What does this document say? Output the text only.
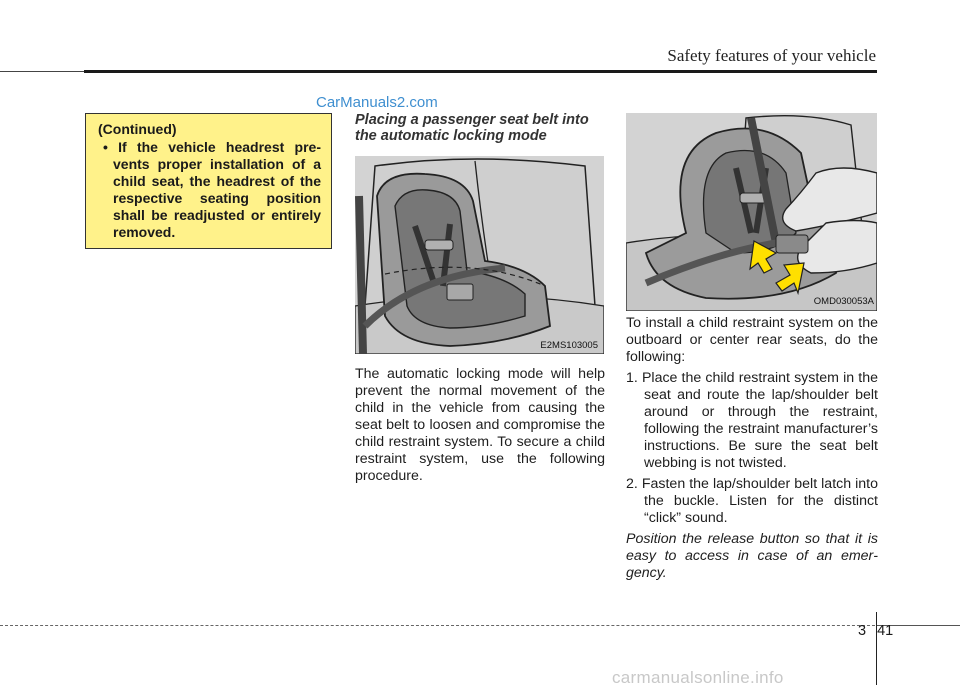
Safety features of your vehicle
CarManuals2.com

(Continued)

• If the vehicle headrest prevents proper installation of a child seat, the headrest of the respective seating position shall be readjusted or entirely removed.

Placing a passenger seat belt into the automatic locking mode
E2MS103005
The automatic locking mode will help prevent the normal movement of the child in the vehicle from causing the seat belt to loosen and compromise the child restraint system. To secure a child restraint system, use the following procedure.
OMD030053A

To install a child restraint system on the outboard or center rear seats, do the following:

1. Place the child restraint system in the seat and route the lap/shoulder belt around or through the restraint, following the restraint manufacturer’s instructions. Be sure the seat belt webbing is not twisted.

2. Fasten the lap/shoulder belt latch into the buckle. Listen for the distinct “click” sound.

Position the release button so that it is easy to access in case of an emergency.

3 41
carmanualsonline.info
